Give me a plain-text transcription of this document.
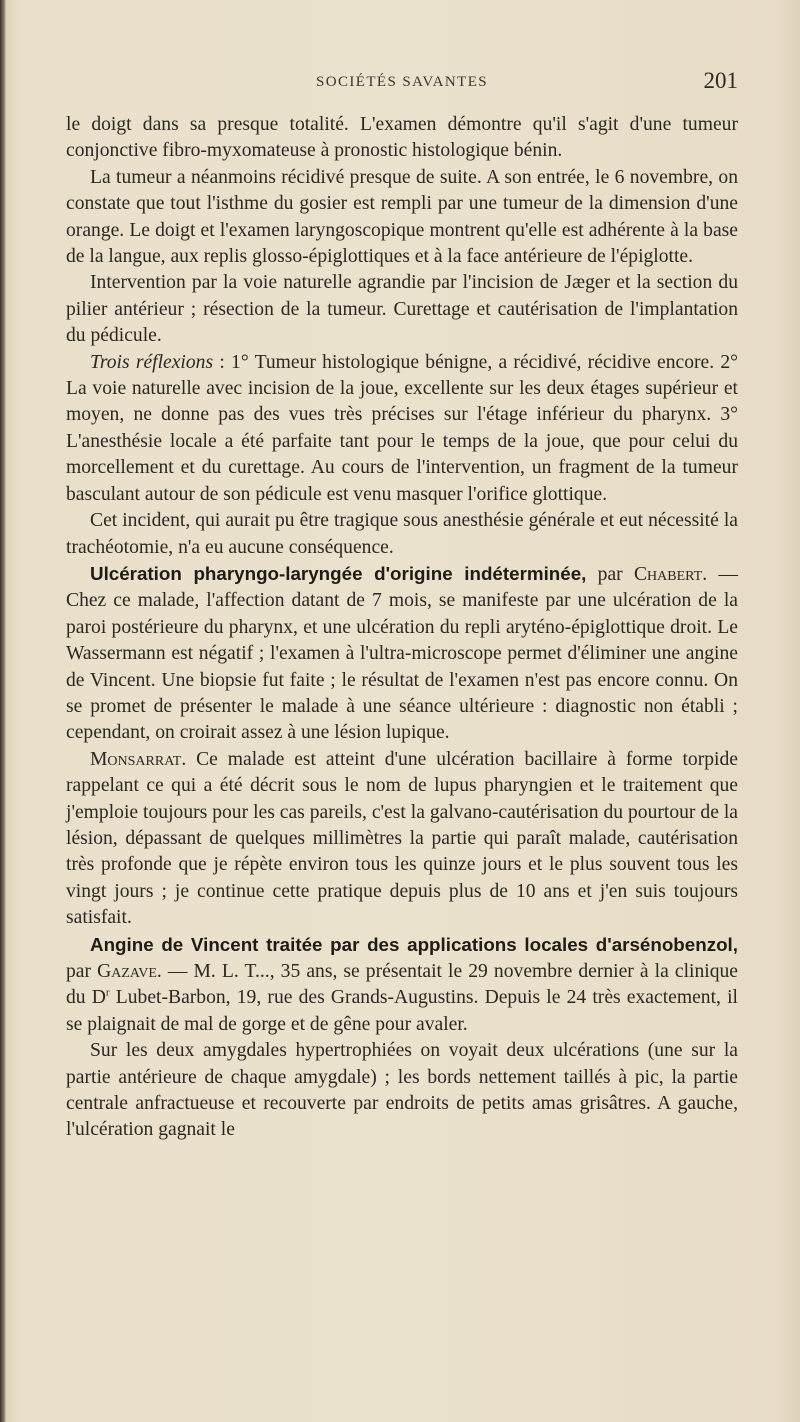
SOCIÉTÉS SAVANTES	201

le doigt dans sa presque totalité. L'examen démontre qu'il s'agit d'une tumeur conjonctive fibro-myxomateuse à pronostic histologique bénin.

La tumeur a néanmoins récidivé presque de suite. A son entrée, le 6 novembre, on constate que tout l'isthme du gosier est rempli par une tumeur de la dimension d'une orange. Le doigt et l'examen laryngoscopique montrent qu'elle est adhérente à la base de la langue, aux replis glosso-épiglottiques et à la face antérieure de l'épiglotte.

Intervention par la voie naturelle agrandie par l'incision de Jæger et la section du pilier antérieur ; résection de la tumeur. Curettage et cautérisation de l'implantation du pédicule.

Trois réflexions : 1° Tumeur histologique bénigne, a récidivé, récidive encore. 2° La voie naturelle avec incision de la joue, excellente sur les deux étages supérieur et moyen, ne donne pas des vues très précises sur l'étage inférieur du pharynx. 3° L'anesthésie locale a été parfaite tant pour le temps de la joue, que pour celui du morcellement et du curettage. Au cours de l'intervention, un fragment de la tumeur basculant autour de son pédicule est venu masquer l'orifice glottique.

Cet incident, qui aurait pu être tragique sous anesthésie générale et eut nécessité la trachéotomie, n'a eu aucune conséquence.

Ulcération pharyngo-laryngée d'origine indéterminée, par Chabert. — Chez ce malade, l'affection datant de 7 mois, se manifeste par une ulcération de la paroi postérieure du pharynx, et une ulcération du repli aryténo-épiglottique droit. Le Wassermann est négatif ; l'examen à l'ultra-microscope permet d'éliminer une angine de Vincent. Une biopsie fut faite ; le résultat de l'examen n'est pas encore connu. On se promet de présenter le malade à une séance ultérieure : diagnostic non établi ; cependant, on croirait assez à une lésion lupique.

Monsarrat. Ce malade est atteint d'une ulcération bacillaire à forme torpide rappelant ce qui a été décrit sous le nom de lupus pharyngien et le traitement que j'emploie toujours pour les cas pareils, c'est la galvano-cautérisation du pourtour de la lésion, dépassant de quelques millimètres la partie qui paraît malade, cautérisation très profonde que je répète environ tous les quinze jours et le plus souvent tous les vingt jours ; je continue cette pratique depuis plus de 10 ans et j'en suis toujours satisfait.

Angine de Vincent traitée par des applications locales d'arsénobenzol, par Gazave. — M. L. T..., 35 ans, se présentait le 29 novembre dernier à la clinique du $D^r$ Lubet-Barbon, 19, rue des Grands-Augustins. Depuis le 24 très exactement, il se plaignait de mal de gorge et de gêne pour avaler.

Sur les deux amygdales hypertrophiées on voyait deux ulcérations (une sur la partie antérieure de chaque amygdale) ; les bords nettement taillés à pic, la partie centrale anfractueuse et recouverte par endroits de petits amas grisâtres. A gauche, l'ulcération gagnait le
